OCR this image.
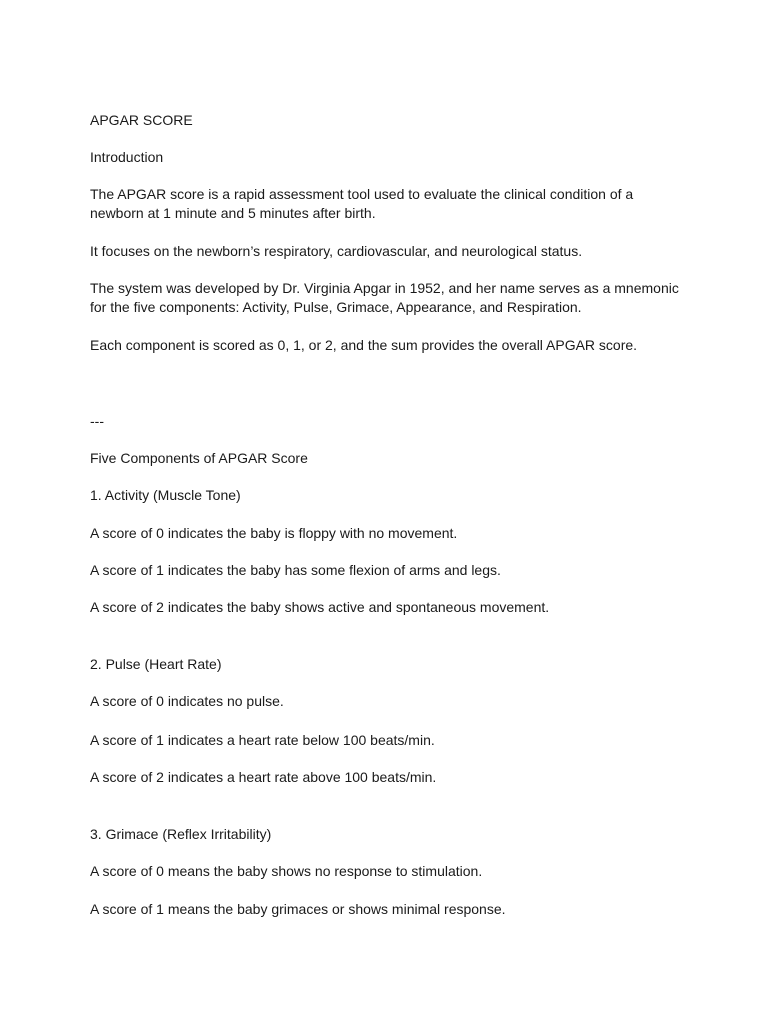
APGAR SCORE

Introduction

The APGAR score is a rapid assessment tool used to evaluate the clinical condition of a

newborn at 1 minute and 5 minutes after birth.

It focuses on the newborn’s respiratory, cardiovascular, and neurological status.

The system was developed by Dr. Virginia Apgar in 1952, and her name serves as a mnemonic

for the five components: Activity, Pulse, Grimace, Appearance, and Respiration.

Each component is scored as 0, 1, or 2, and the sum provides the overall APGAR score.

---

Five Components of APGAR Score

1. Activity (Muscle Tone)

A score of 0 indicates the baby is floppy with no movement.

A score of 1 indicates the baby has some flexion of arms and legs.

A score of 2 indicates the baby shows active and spontaneous movement.

2. Pulse (Heart Rate)

A score of 0 indicates no pulse.

A score of 1 indicates a heart rate below 100 beats/min.

A score of 2 indicates a heart rate above 100 beats/min.

3. Grimace (Reflex Irritability)

A score of 0 means the baby shows no response to stimulation.

A score of 1 means the baby grimaces or shows minimal response.
